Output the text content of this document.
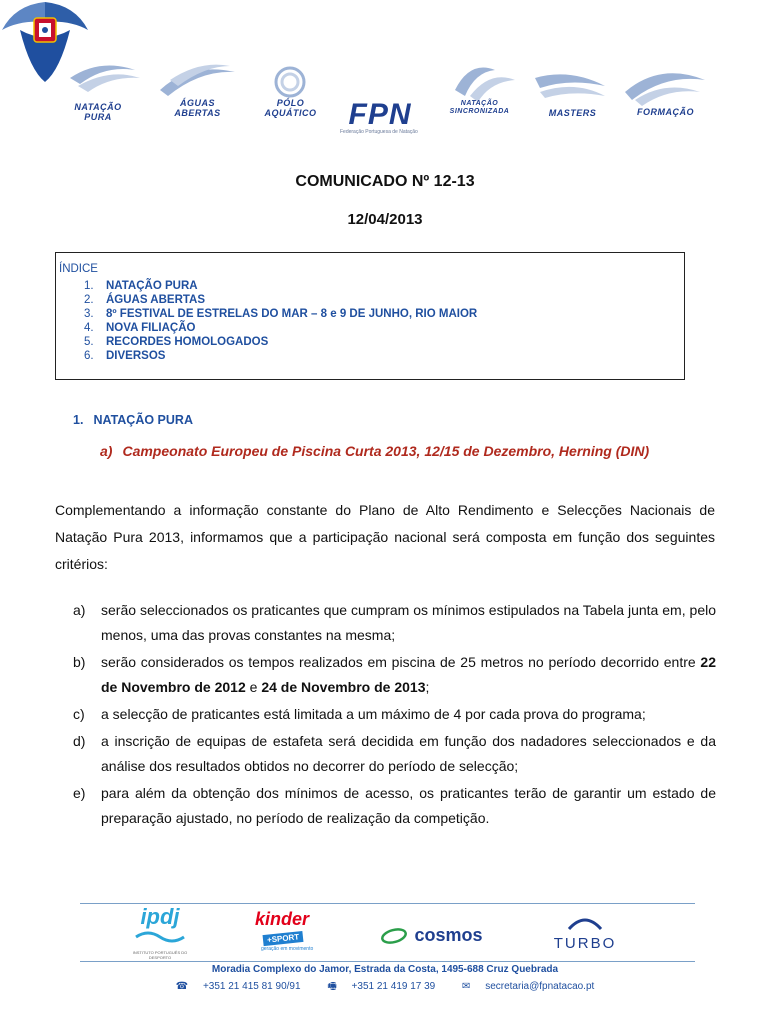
NATAÇÃO
PURA
ÁGUAS
ABERTAS
PÓLO
AQUÁTICO
NATAÇÃO
SINCRONIZADA	MASTERS	FORMAÇÃO
FPN
Federação Portuguesa de Natação
COMUNICADO Nº 12-13
12/04/2013
ÍNDICE
1.	NATAÇÃO PURA
2.	ÁGUAS ABERTAS
3.	8º FESTIVAL DE ESTRELAS DO MAR – 8 e 9 DE JUNHO, RIO MAIOR
4.	NOVA FILIAÇÃO
5.	RECORDES HOMOLOGADOS
6.	DIVERSOS
1. NATAÇÃO PURA
a) Campeonato Europeu de Piscina Curta 2013, 12/15 de Dezembro, Herning (DIN)
Complementando a informação constante do Plano de Alto Rendimento e Selecções Nacionais de Natação Pura 2013, informamos que a participação nacional será composta em função dos seguintes critérios:
a) serão seleccionados os praticantes que cumpram os mínimos estipulados na Tabela junta em, pelo menos, uma das provas constantes na mesma;
b) serão considerados os tempos realizados em piscina de 25 metros no período decorrido entre 22 de Novembro de 2012 e 24 de Novembro de 2013;
c) a selecção de praticantes está limitada a um máximo de 4 por cada prova do programa;
d) a inscrição de equipas de estafeta será decidida em função dos nadadores seleccionados e da análise dos resultados obtidos no decorrer do período de selecção;
e) para além da obtenção dos mínimos de acesso, os praticantes terão de garantir um estado de preparação ajustado, no período de realização da competição.
ipdj
INSTITUTO PORTUGUÊS DO DESPORTO
kinder
+SPORT
geração em movimento
cosmos	TURBO
Moradia Complexo do Jamor, Estrada da Costa, 1495-688 Cruz Quebrada
☎ +351 21 415 81 90/91	🖷 +351 21 419 17 39	✉ secretaria@fpnatacao.pt
